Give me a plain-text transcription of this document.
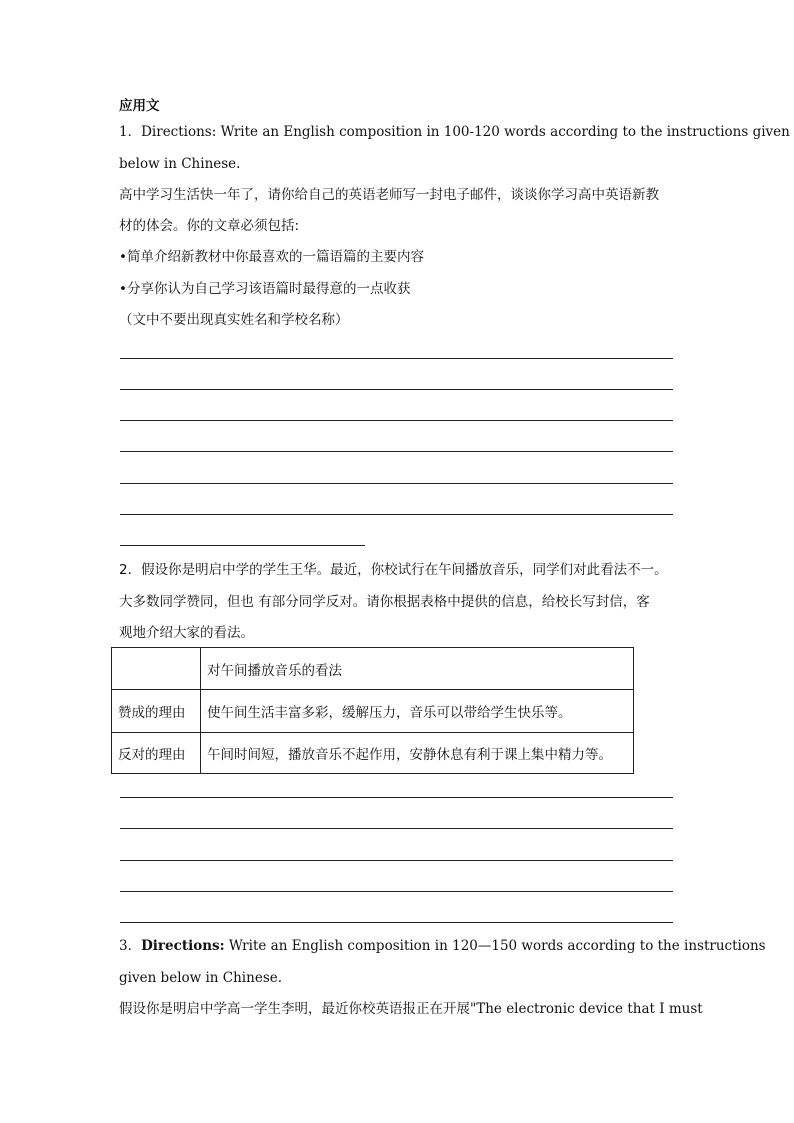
应用文
1．Directions: Write an English composition in 100-120 words according to the instructions given
below in Chinese.
高中学习生活快一年了，请你给自己的英语老师写一封电子邮件，谈谈你学习高中英语新教
材的体会。你的文章必须包括:
•简单介绍新教材中你最喜欢的一篇语篇的主要内容
•分享你认为自己学习该语篇时最得意的一点收获
（文中不要出现真实姓名和学校名称）
2．假设你是明启中学的学生王华。最近，你校试行在午间播放音乐，同学们对此看法不一。
大多数同学赞同，但也 有部分同学反对。请你根据表格中提供的信息，给校长写封信，客
观地介绍大家的看法。
	对午间播放音乐的看法
赞成的理由	使午间生活丰富多彩，缓解压力，音乐可以带给学生快乐等。
反对的理由	午间时间短，播放音乐不起作用，安静休息有利于课上集中精力等。
3．Directions: Write an English composition in 120—150 words according to the instructions
given below in Chinese.
假设你是明启中学高一学生李明，最近你校英语报正在开展"The electronic device that I must
